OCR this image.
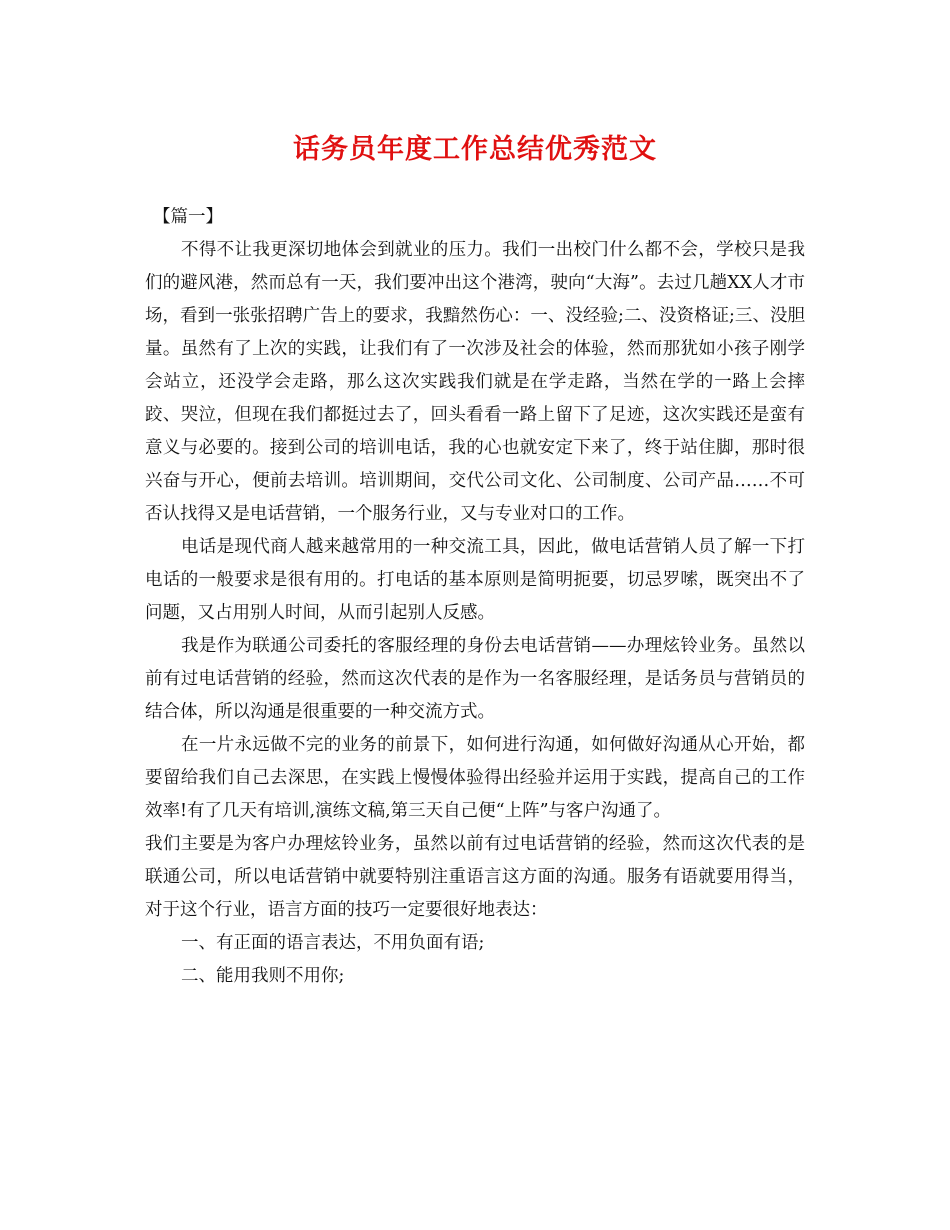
话务员年度工作总结优秀范文

【篇一】

不得不让我更深切地体会到就业的压力。我们一出校门什么都不会，学校只是我们的避风港，然而总有一天，我们要冲出这个港湾，驶向“大海”。去过几趟XX人才市场，看到一张张招聘广告上的要求，我黯然伤心：一、没经验;二、没资格证;三、没胆量。虽然有了上次的实践，让我们有了一次涉及社会的体验，然而那犹如小孩子刚学会站立，还没学会走路，那么这次实践我们就是在学走路，当然在学的一路上会摔跤、哭泣，但现在我们都挺过去了，回头看看一路上留下了足迹，这次实践还是蛮有意义与必要的。接到公司的培训电话，我的心也就安定下来了，终于站住脚，那时很兴奋与开心，便前去培训。培训期间，交代公司文化、公司制度、公司产品……不可否认找得又是电话营销，一个服务行业，又与专业对口的工作。

电话是现代商人越来越常用的一种交流工具，因此，做电话营销人员了解一下打电话的一般要求是很有用的。打电话的基本原则是简明扼要，切忌罗嗦，既突出不了问题，又占用别人时间，从而引起别人反感。

我是作为联通公司委托的客服经理的身份去电话营销——办理炫铃业务。虽然以前有过电话营销的经验，然而这次代表的是作为一名客服经理，是话务员与营销员的结合体，所以沟通是很重要的一种交流方式。

在一片永远做不完的业务的前景下，如何进行沟通，如何做好沟通从心开始，都要留给我们自己去深思，在实践上慢慢体验得出经验并运用于实践，提高自己的工作效率!有了几天有培训,演练文稿,第三天自己便“上阵”与客户沟通了。

我们主要是为客户办理炫铃业务，虽然以前有过电话营销的经验，然而这次代表的是联通公司，所以电话营销中就要特别注重语言这方面的沟通。服务有语就要用得当，对于这个行业，语言方面的技巧一定要很好地表达：

一、有正面的语言表达，不用负面有语;

二、能用我则不用你;
